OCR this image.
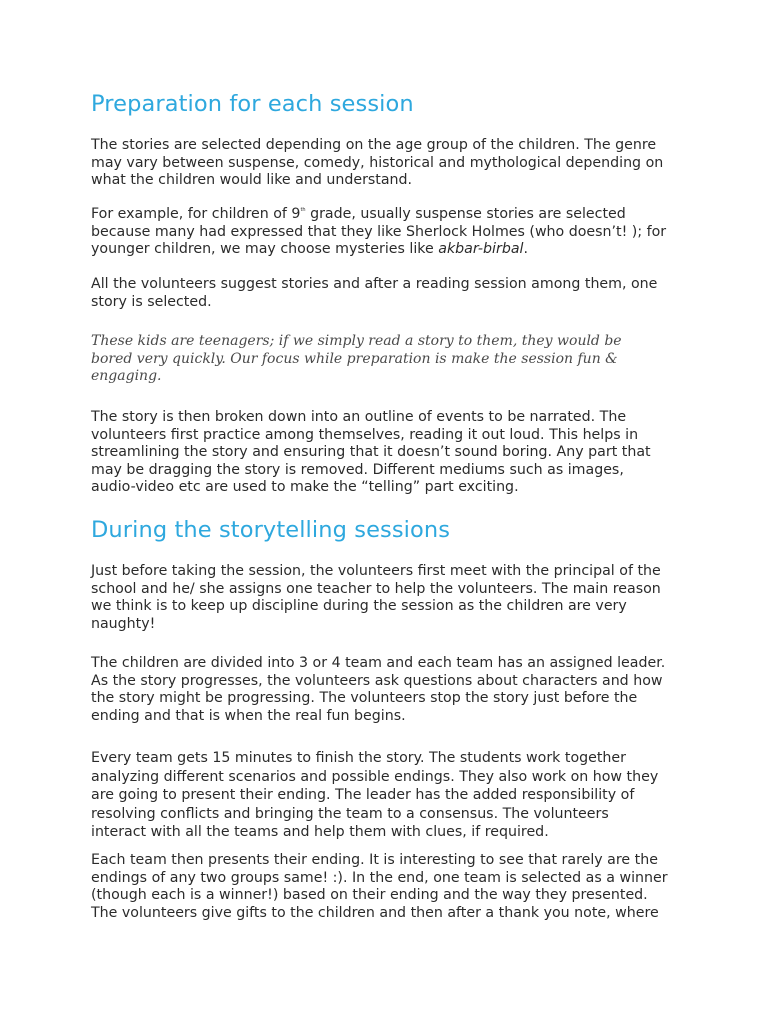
Preparation for each session

The stories are selected depending on the age group of the children. The genre
may vary between suspense, comedy, historical and mythological depending on
what the children would like and understand.

For example, for children of 9th grade, usually suspense stories are selected
because many had expressed that they like Sherlock Holmes (who doesn’t! ); for
younger children, we may choose mysteries like akbar-birbal.

All the volunteers suggest stories and after a reading session among them, one
story is selected.

These kids are teenagers; if we simply read a story to them, they would be
bored very quickly. Our focus while preparation is make the session fun &
engaging.

The story is then broken down into an outline of events to be narrated. The
volunteers first practice among themselves, reading it out loud. This helps in
streamlining the story and ensuring that it doesn’t sound boring. Any part that
may be dragging the story is removed. Different mediums such as images,
audio-video etc are used to make the “telling” part exciting.

During the storytelling sessions

Just before taking the session, the volunteers first meet with the principal of the
school and he/ she assigns one teacher to help the volunteers. The main reason
we think is to keep up discipline during the session as the children are very
naughty!

The children are divided into 3 or 4 team and each team has an assigned leader.
As the story progresses, the volunteers ask questions about characters and how
the story might be progressing. The volunteers stop the story just before the
ending and that is when the real fun begins.

Every team gets 15 minutes to finish the story. The students work together
analyzing different scenarios and possible endings. They also work on how they
are going to present their ending. The leader has the added responsibility of
resolving conflicts and bringing the team to a consensus. The volunteers
interact with all the teams and help them with clues, if required.

Each team then presents their ending. It is interesting to see that rarely are the
endings of any two groups same! :). In the end, one team is selected as a winner
(though each is a winner!) based on their ending and the way they presented.
The volunteers give gifts to the children and then after a thank you note, where
